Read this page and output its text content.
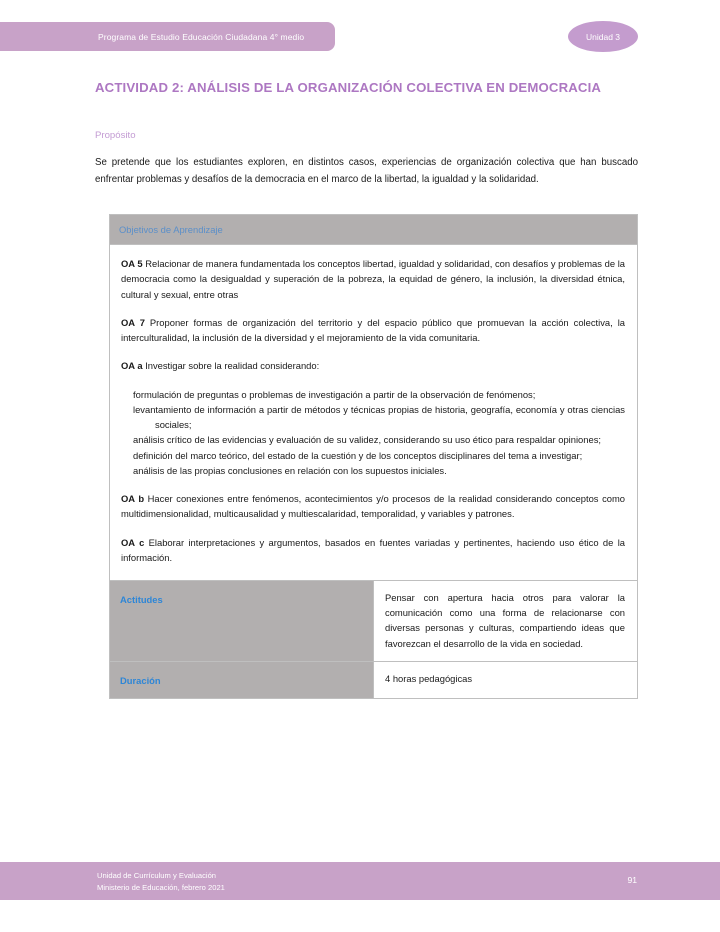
Programa de Estudio Educación Ciudadana 4° medio	Unidad 3
ACTIVIDAD 2: ANÁLISIS DE LA ORGANIZACIÓN COLECTIVA EN DEMOCRACIA
Propósito

Se pretende que los estudiantes exploren, en distintos casos, experiencias de organización colectiva que han buscado enfrentar problemas y desafíos de la democracia en el marco de la libertad, la igualdad y la solidaridad.

Objetivos de Aprendizaje	

OA 5 Relacionar de manera fundamentada los conceptos libertad, igualdad y solidaridad, con desafíos y problemas de la democracia como la desigualdad y superación de la pobreza, la equidad de género, la inclusión, la diversidad étnica, cultural y sexual, entre otras

OA 7 Proponer formas de organización del territorio y del espacio público que promuevan la acción colectiva, la interculturalidad, la inclusión de la diversidad y el mejoramiento de la vida comunitaria.

OA a Investigar sobre la realidad considerando:

formulación de preguntas o problemas de investigación a partir de la observación de fenómenos;
levantamiento de información a partir de métodos y técnicas propias de historia, geografía, economía y otras ciencias sociales;
análisis crítico de las evidencias y evaluación de su validez, considerando su uso ético para respaldar opiniones;
definición del marco teórico, del estado de la cuestión y de los conceptos disciplinares del tema a investigar;
análisis de las propias conclusiones en relación con los supuestos iniciales.

OA b Hacer conexiones entre fenómenos, acontecimientos y/o procesos de la realidad considerando conceptos como multidimensionalidad, multicausalidad y multiescalaridad, temporalidad, y variables y patrones.

OA c Elaborar interpretaciones y argumentos, basados en fuentes variadas y pertinentes, haciendo uso ético de la información.

Actitudes	Pensar con apertura hacia otros para valorar la comunicación como una forma de relacionarse con diversas personas y culturas, compartiendo ideas que favorezcan el desarrollo de la vida en sociedad.

Duración	4 horas pedagógicas

Unidad de Currículum y Evaluación
Ministerio de Educación, febrero 2021
91
